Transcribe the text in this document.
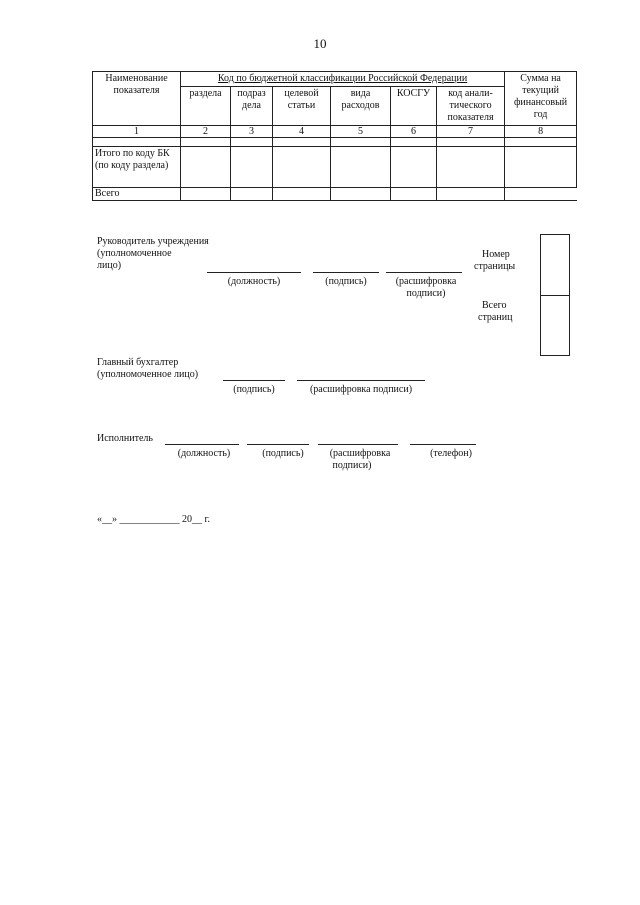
10
Наименование показателя	Код по бюджетной классификации Российской Федерации						Сумма на текущий финансовый год
	раздела	подраз дела	целевой статьи	вида расходов	КОСГУ	код анали-тического показателя	
1	2	3	4	5	6	7	8

Итого по коду БК (по коду раздела)							
Всего							
Руководитель учреждения
(уполномоченное
лицо)
(должность)	(подпись)	(расшифровка
подписи)
Номер
страницы
Всего
страниц
Главный бухгалтер
(уполномоченное лицо)
(подпись)	(расшифровка подписи)
Исполнитель
(должность)	(подпись)	(расшифровка
подписи)
(телефон)
«__» ____________ 20__ г.
